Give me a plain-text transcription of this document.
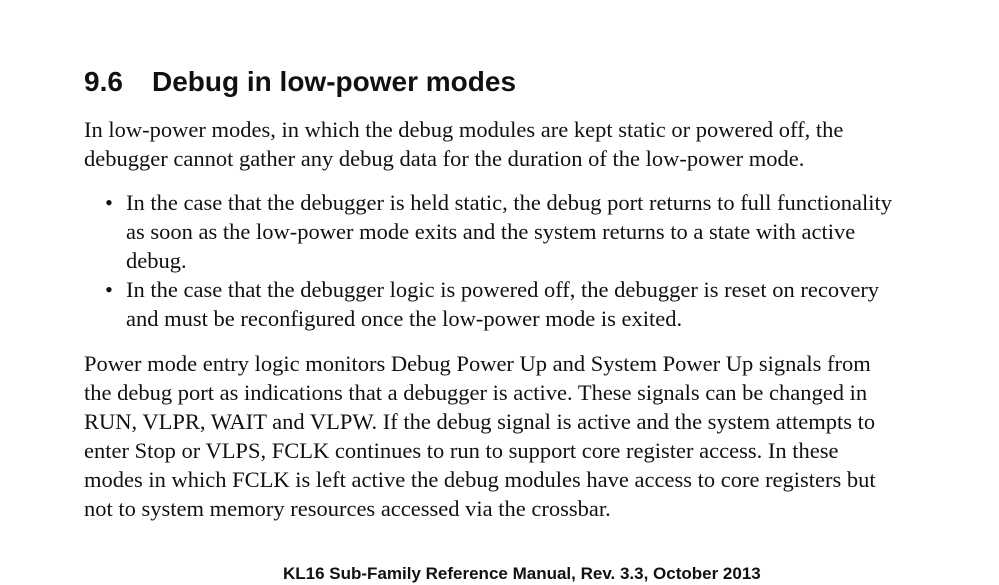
9.6 Debug in low-power modes

In low-power modes, in which the debug modules are kept static or powered off, the
debugger cannot gather any debug data for the duration of the low-power mode.

• In the case that the debugger is held static, the debug port returns to full functionality
as soon as the low-power mode exits and the system returns to a state with active
debug.
• In the case that the debugger logic is powered off, the debugger is reset on recovery
and must be reconfigured once the low-power mode is exited.

Power mode entry logic monitors Debug Power Up and System Power Up signals from
the debug port as indications that a debugger is active. These signals can be changed in
RUN, VLPR, WAIT and VLPW. If the debug signal is active and the system attempts to
enter Stop or VLPS, FCLK continues to run to support core register access. In these
modes in which FCLK is left active the debug modules have access to core registers but
not to system memory resources accessed via the crossbar.

KL16 Sub-Family Reference Manual, Rev. 3.3, October 2013
